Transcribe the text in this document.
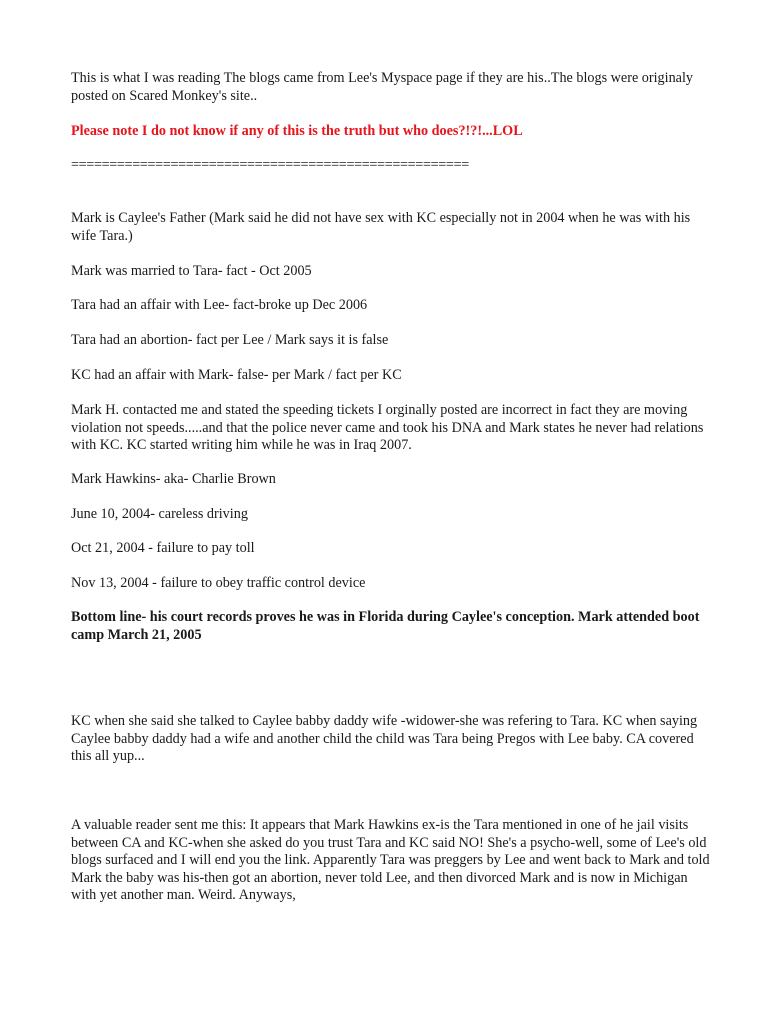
This is what I was reading The blogs came from Lee's Myspace page if they are his..The blogs were originaly posted on Scared Monkey's site..

Please note I do not know if any of this is the truth but who does?!?!...LOL

====================================================

Mark is Caylee's Father (Mark said he did not have sex with KC especially not in 2004 when he was with his wife Tara.)

Mark was married to Tara- fact - Oct 2005

Tara had an affair with Lee- fact-broke up Dec 2006

Tara had an abortion- fact per Lee / Mark says it is false

KC had an affair with Mark- false- per Mark / fact per KC

Mark H. contacted me and stated the speeding tickets I orginally posted are incorrect in fact they are moving violation not speeds.....and that the police never came and took his DNA and Mark states he never had relations with KC. KC started writing him while he was in Iraq 2007.

Mark Hawkins- aka- Charlie Brown

June 10, 2004- careless driving

Oct 21, 2004 - failure to pay toll

Nov 13, 2004 - failure to obey traffic control device

Bottom line- his court records proves he was in Florida during Caylee's conception. Mark attended boot camp March 21, 2005

KC when she said she talked to Caylee babby daddy wife -widower-she was refering to Tara. KC when saying Caylee babby daddy had a wife and another child the child was Tara being Pregos with Lee baby. CA covered this all yup...

A valuable reader sent me this: It appears that Mark Hawkins ex-is the Tara mentioned in one of he jail visits between CA and KC-when she asked do you trust Tara and KC said NO! She's a psycho-well, some of Lee's old blogs surfaced and I will end you the link. Apparently Tara was preggers by Lee and went back to Mark and told Mark the baby was his-then got an abortion, never told Lee, and then divorced Mark and is now in Michigan with yet another man. Weird. Anyways,
